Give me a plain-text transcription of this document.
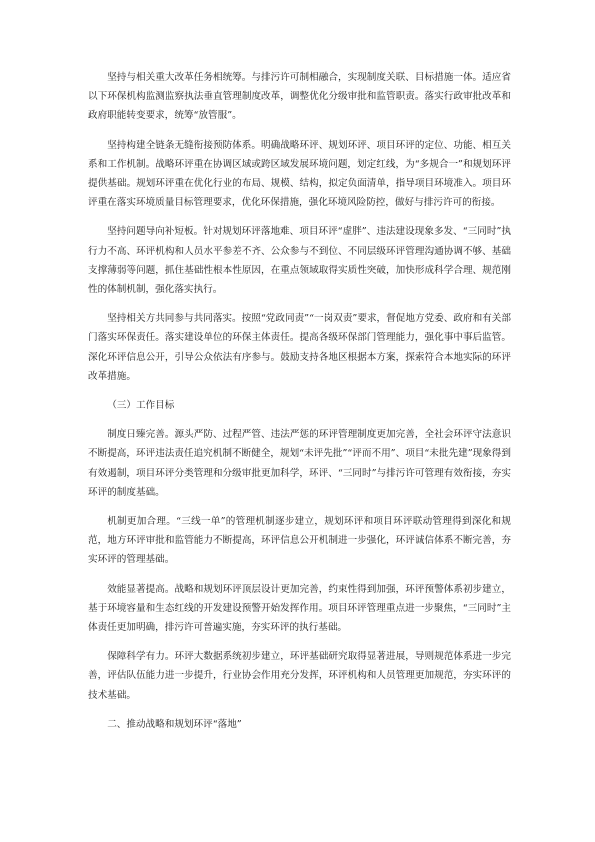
坚持与相关重大改革任务相统筹。与排污许可制相融合，实现制度关联、目标措施一体。适应省以下环保机构监测监察执法垂直管理制度改革，调整优化分级审批和监管职责。落实行政审批改革和政府职能转变要求，统筹“放管服”。

坚持构建全链条无缝衔接预防体系。明确战略环评、规划环评、项目环评的定位、功能、相互关系和工作机制。战略环评重在协调区域或跨区域发展环境问题，划定红线，为“多规合一”和规划环评提供基础。规划环评重在优化行业的布局、规模、结构，拟定负面清单，指导项目环境准入。项目环评重在落实环境质量目标管理要求，优化环保措施，强化环境风险防控，做好与排污许可的衔接。

坚持问题导向补短板。针对规划环评落地难、项目环评“虚胖”、违法建设现象多发、“三同时”执行力不高、环评机构和人员水平参差不齐、公众参与不到位、不同层级环评管理沟通协调不够、基础支撑薄弱等问题，抓住基础性根本性原因，在重点领域取得实质性突破，加快形成科学合理、规范刚性的体制机制，强化落实执行。

坚持相关方共同参与共同落实。按照“党政同责”“一岗双责”要求，督促地方党委、政府和有关部门落实环保责任。落实建设单位的环保主体责任。提高各级环保部门管理能力，强化事中事后监管。深化环评信息公开，引导公众依法有序参与。鼓励支持各地区根据本方案，探索符合本地实际的环评改革措施。

（三）工作目标

制度日臻完善。源头严防、过程严管、违法严惩的环评管理制度更加完善，全社会环评守法意识不断提高，环评违法责任追究机制不断健全，规划“未评先批”“评而不用”、项目“未批先建”现象得到有效遏制，项目环评分类管理和分级审批更加科学，环评、“三同时”与排污许可管理有效衔接，夯实环评的制度基础。

机制更加合理。“三线一单”的管理机制逐步建立，规划环评和项目环评联动管理得到深化和规范，地方环评审批和监管能力不断提高，环评信息公开机制进一步强化，环评诚信体系不断完善，夯实环评的管理基础。

效能显著提高。战略和规划环评顶层设计更加完善，约束性得到加强，环评预警体系初步建立，基于环境容量和生态红线的开发建设预警开始发挥作用。项目环评管理重点进一步聚焦，“三同时”主体责任更加明确，排污许可普遍实施，夯实环评的执行基础。

保障科学有力。环评大数据系统初步建立，环评基础研究取得显著进展，导则规范体系进一步完善，评估队伍能力进一步提升，行业协会作用充分发挥，环评机构和人员管理更加规范，夯实环评的技术基础。

二、推动战略和规划环评“落地”
